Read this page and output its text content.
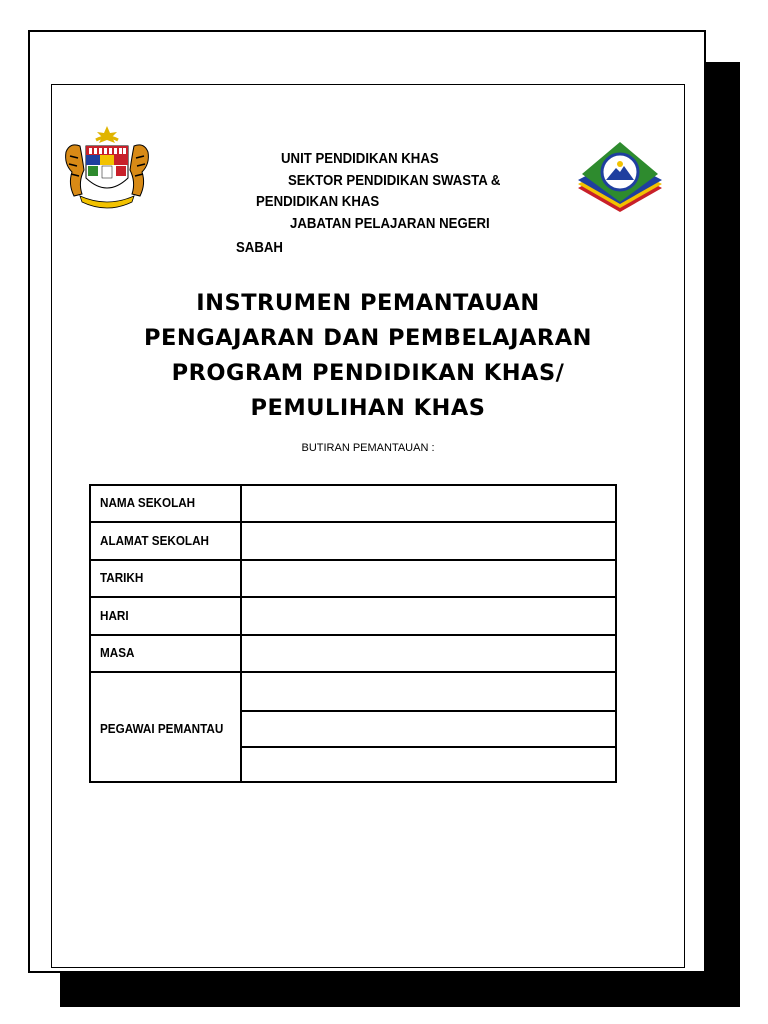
UNIT PENDIDIKAN KHAS
SEKTOR PENDIDIKAN SWASTA &
PENDIDIKAN KHAS
JABATAN PELAJARAN NEGERI
SABAH
INSTRUMEN PEMANTAUAN
PENGAJARAN DAN PEMBELAJARAN
PROGRAM PENDIDIKAN KHAS/
PEMULIHAN KHAS
BUTIRAN PEMANTAUAN :
NAMA SEKOLAH
ALAMAT SEKOLAH
TARIKH
HARI
MASA
PEGAWAI PEMANTAU
